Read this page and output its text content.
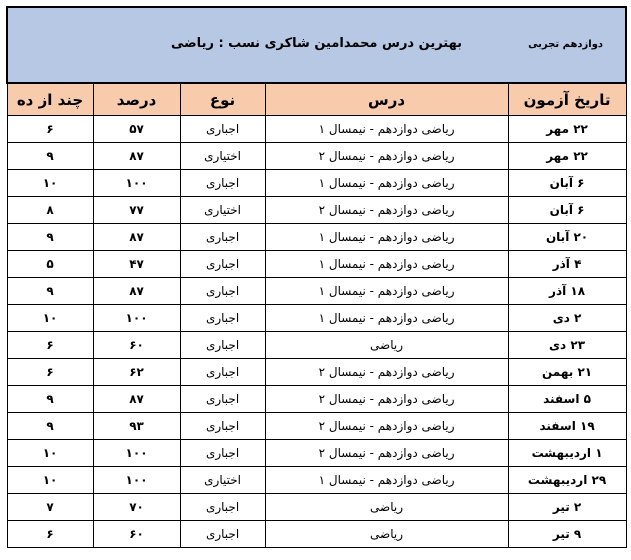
دوازدهم تجربی
بهترین درس محمدامین شاکری نسب : ریاضی				

تاریخ آزمون	درس	نوع	درصد	چند از ده
۲۲ مهر	ریاضی دوازدهم - نیمسال ۱	اجباری	۵۷	۶
۲۲ مهر	ریاضی دوازدهم - نیمسال ۲	اختیاری	۸۷	۹
۶ آبان	ریاضی دوازدهم - نیمسال ۱	اجباری	۱۰۰	۱۰
۶ آبان	ریاضی دوازدهم - نیمسال ۲	اختیاری	۷۷	۸
۲۰ آبان	ریاضی دوازدهم - نیمسال ۱	اجباری	۸۷	۹
۴ آذر	ریاضی دوازدهم - نیمسال ۱	اجباری	۴۷	۵
۱۸ آذر	ریاضی دوازدهم - نیمسال ۱	اجباری	۸۷	۹
۲ دی	ریاضی دوازدهم - نیمسال ۱	اجباری	۱۰۰	۱۰
۲۳ دی	ریاضی	اجباری	۶۰	۶
۲۱ بهمن	ریاضی دوازدهم - نیمسال ۲	اجباری	۶۲	۶
۵ اسفند	ریاضی دوازدهم - نیمسال ۲	اجباری	۸۷	۹
۱۹ اسفند	ریاضی دوازدهم - نیمسال ۲	اجباری	۹۳	۹
۱ اردیبهشت	ریاضی دوازدهم - نیمسال ۲	اجباری	۱۰۰	۱۰
۲۹ اردیبهشت	ریاضی دوازدهم - نیمسال ۱	اختیاری	۱۰۰	۱۰
۲ تیر	ریاضی	اجباری	۷۰	۷
۹ تیر	ریاضی	اجباری	۶۰	۶
